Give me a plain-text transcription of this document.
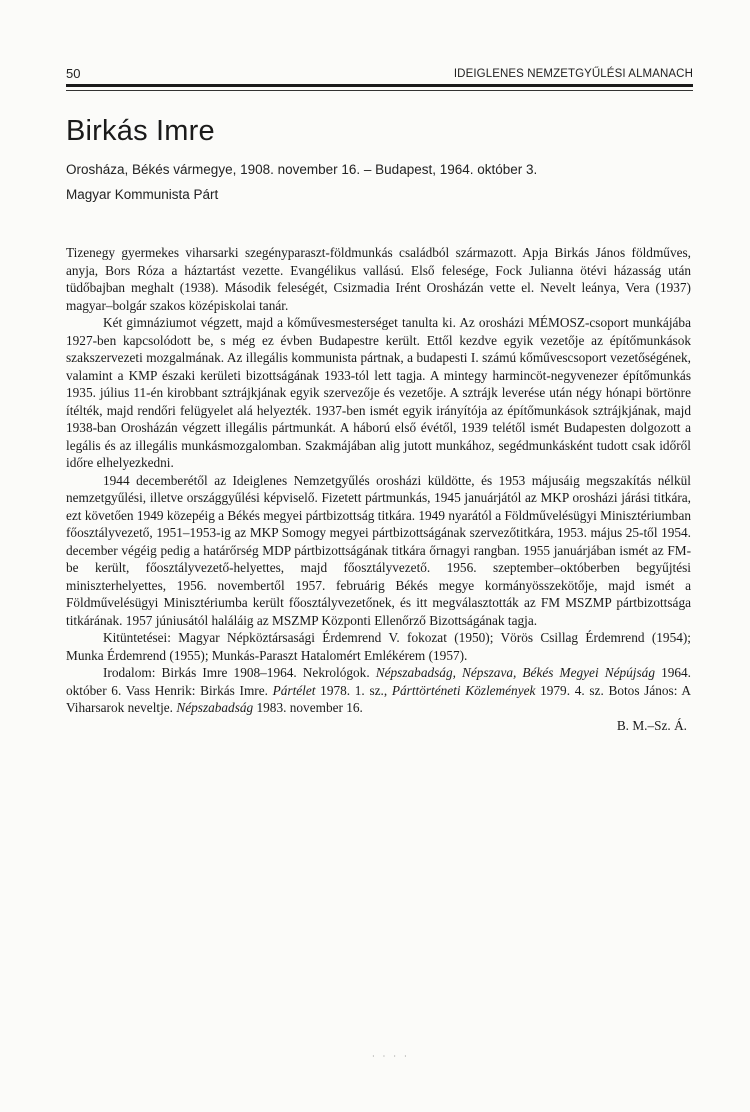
50	IDEIGLENES NEMZETGYŰLÉSI ALMANACH
Birkás Imre
Orosháza, Békés vármegye, 1908. november 16. – Budapest, 1964. október 3.
Magyar Kommunista Párt

Tizenegy gyermekes viharsarki szegényparaszt-földmunkás családból származott. Apja Birkás János földműves, anyja, Bors Róza a háztartást vezette. Evangélikus vallású. Első felesége, Fock Julianna ötévi házasság után tüdőbajban meghalt (1938). Második feleségét, Csizmadia Irént Orosházán vette el. Nevelt leánya, Vera (1937) magyar–bolgár szakos középiskolai tanár.

Két gimnáziumot végzett, majd a kőművesmesterséget tanulta ki. Az orosházi MÉMOSZ-csoport munkájába 1927-ben kapcsolódott be, s még ez évben Budapestre került. Ettől kezdve egyik vezetője az építőmunkások szakszervezeti mozgalmának. Az illegális kommunista pártnak, a budapesti I. számú kőművescsoport vezetőségének, valamint a KMP északi kerületi bizottságának 1933-tól lett tagja. A mintegy harmincöt-negyvenezer építőmunkás 1935. július 11-én kirobbant sztrájkjának egyik szervezője és vezetője. A sztrájk leverése után négy hónapi börtönre ítélték, majd rendőri felügyelet alá helyezték. 1937-ben ismét egyik irányítója az építőmunkások sztrájkjának, majd 1938-ban Orosházán végzett illegális pártmunkát. A háború első évétől, 1939 telétől ismét Budapesten dolgozott a legális és az illegális munkásmozgalomban. Szakmájában alig jutott munkához, segédmunkásként tudott csak időről időre elhelyezkedni.

1944 decemberétől az Ideiglenes Nemzetgyűlés orosházi küldötte, és 1953 májusáig megszakítás nélkül nemzetgyűlési, illetve országgyűlési képviselő. Fizetett pártmunkás, 1945 januárjától az MKP orosházi járási titkára, ezt követően 1949 közepéig a Békés megyei pártbizottság titkára. 1949 nyarától a Földművelésügyi Minisztériumban főosztályvezető, 1951–1953-ig az MKP Somogy megyei pártbizottságának szervezőtitkára, 1953. május 25-től 1954. december végéig pedig a határőrség MDP pártbizottságának titkára őrnagyi rangban. 1955 januárjában ismét az FM-be került, főosztályvezető-helyettes, majd főosztályvezető. 1956. szeptember–októberben begyűjtési miniszterhelyettes, 1956. novembertől 1957. februárig Békés megye kormányösszekötője, majd ismét a Földművelésügyi Minisztériumba került főosztályvezetőnek, és itt megválasztották az FM MSZMP pártbizottsága titkárának. 1957 júniusától haláláig az MSZMP Központi Ellenőrző Bizottságának tagja.

Kitüntetései: Magyar Népköztársasági Érdemrend V. fokozat (1950); Vörös Csillag Érdemrend (1954); Munka Érdemrend (1955); Munkás-Paraszt Hatalomért Emlékérem (1957).

Irodalom: Birkás Imre 1908–1964. Nekrológok. Népszabadság, Népszava, Békés Megyei Népújság 1964. október 6. Vass Henrik: Birkás Imre. Pártélet 1978. 1. sz., Párttörténeti Közlemények 1979. 4. sz. Botos János: A Viharsarok neveltje. Népszabadság 1983. november 16.

B. M.–Sz. Á.

· · · ·
